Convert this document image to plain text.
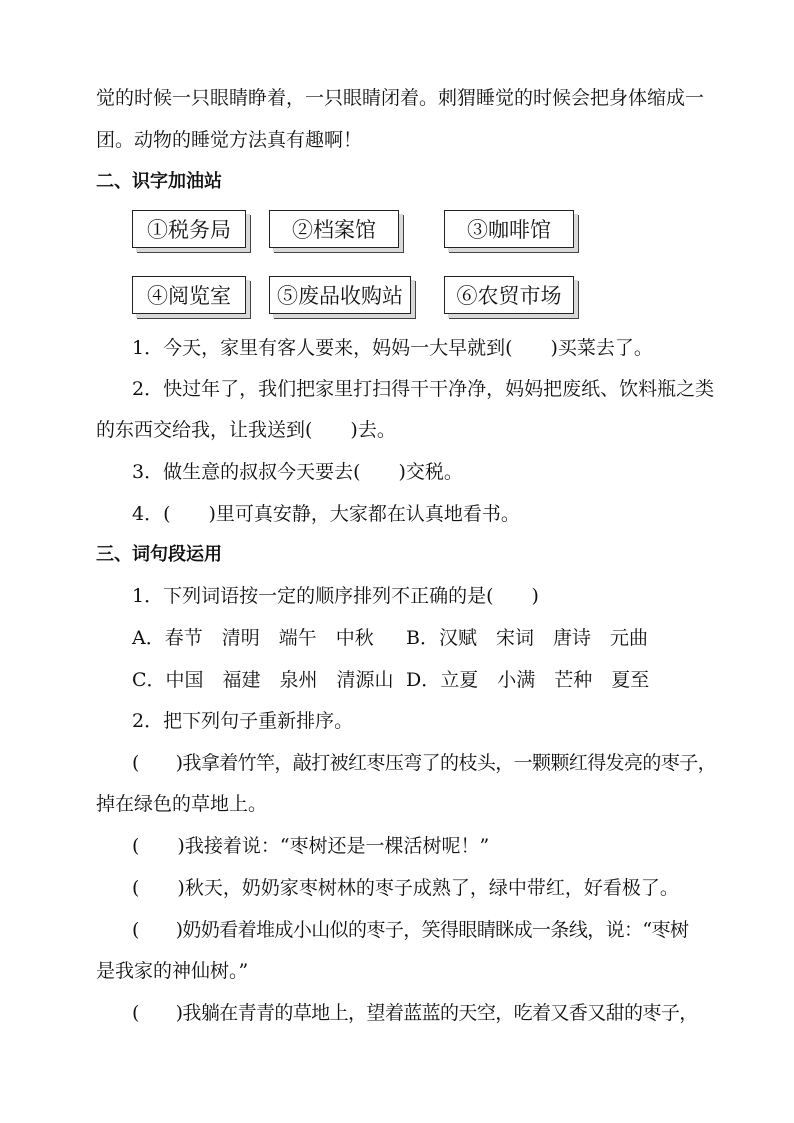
觉的时候一只眼睛睁着，一只眼睛闭着。刺猬睡觉的时候会把身体缩成一
团。动物的睡觉方法真有趣啊！
二、识字加油站
①税务局	②档案馆	③咖啡馆
④阅览室	⑤废品收购站	⑥农贸市场
1．今天，家里有客人要来，妈妈一大早就到(　　)买菜去了。
2．快过年了，我们把家里打扫得干干净净，妈妈把废纸、饮料瓶之类
的东西交给我，让我送到(　　)去。
3．做生意的叔叔今天要去(　　)交税。
4．(　　)里可真安静，大家都在认真地看书。
三、词句段运用
1．下列词语按一定的顺序排列不正确的是(　　)
A．春节　清明　端午　中秋 B．汉赋　宋词　唐诗　元曲
C．中国　福建　泉州　清源山 D．立夏　小满　芒种　夏至
2．把下列句子重新排序。
(　　)我拿着竹竿，敲打被红枣压弯了的枝头，一颗颗红得发亮的枣子，
掉在绿色的草地上。
(　　)我接着说：“枣树还是一棵活树呢！”
(　　)秋天，奶奶家枣树林的枣子成熟了，绿中带红，好看极了。
(　　)奶奶看着堆成小山似的枣子，笑得眼睛眯成一条线，说：“枣树
是我家的神仙树。”
(　　)我躺在青青的草地上，望着蓝蓝的天空，吃着又香又甜的枣子，
